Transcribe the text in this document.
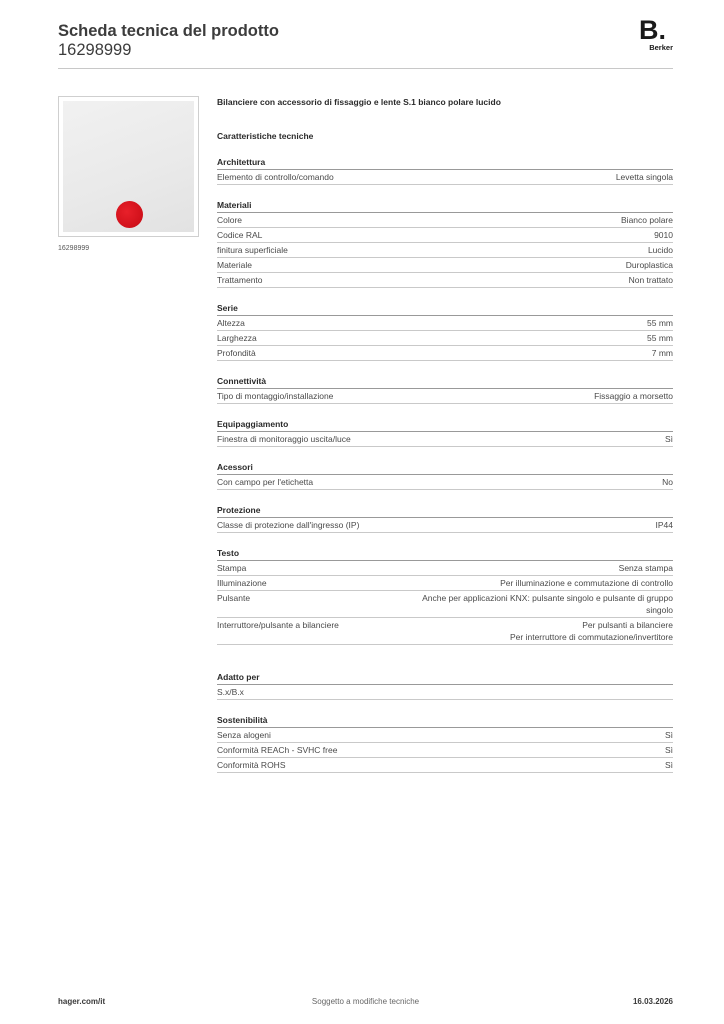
Scheda tecnica del prodotto
16298999
B.
Berker
16298999
Bilanciere con accessorio di fissaggio e lente S.1 bianco polare lucido
Caratteristiche tecniche
Architettura
Elemento di controllo/comando	Levetta singola
Materiali
Colore	Bianco polare
Codice RAL	9010
finitura superficiale	Lucido
Materiale	Duroplastica
Trattamento	Non trattato
Serie
Altezza	55 mm
Larghezza	55 mm
Profondità	7 mm
Connettività
Tipo di montaggio/installazione	Fissaggio a morsetto
Equipaggiamento
Finestra di monitoraggio uscita/luce	Sì
Acessori
Con campo per l'etichetta	No
Protezione
Classe di protezione dall'ingresso (IP)	IP44
Testo
Stampa	Senza stampa
Illuminazione	Per illuminazione e commutazione di controllo
Pulsante	Anche per applicazioni KNX: pulsante singolo e pulsante di gruppo
singolo
Interruttore/pulsante a bilanciere	Per pulsanti a bilanciere
Per interruttore di commutazione/invertitore
Adatto per
S.x/B.x
Sostenibilità
Senza alogeni	Sì
Conformità REACh - SVHC free	Sì
Conformità ROHS	Sì
hager.com/it	Soggetto a modifiche tecniche	16.03.2026
